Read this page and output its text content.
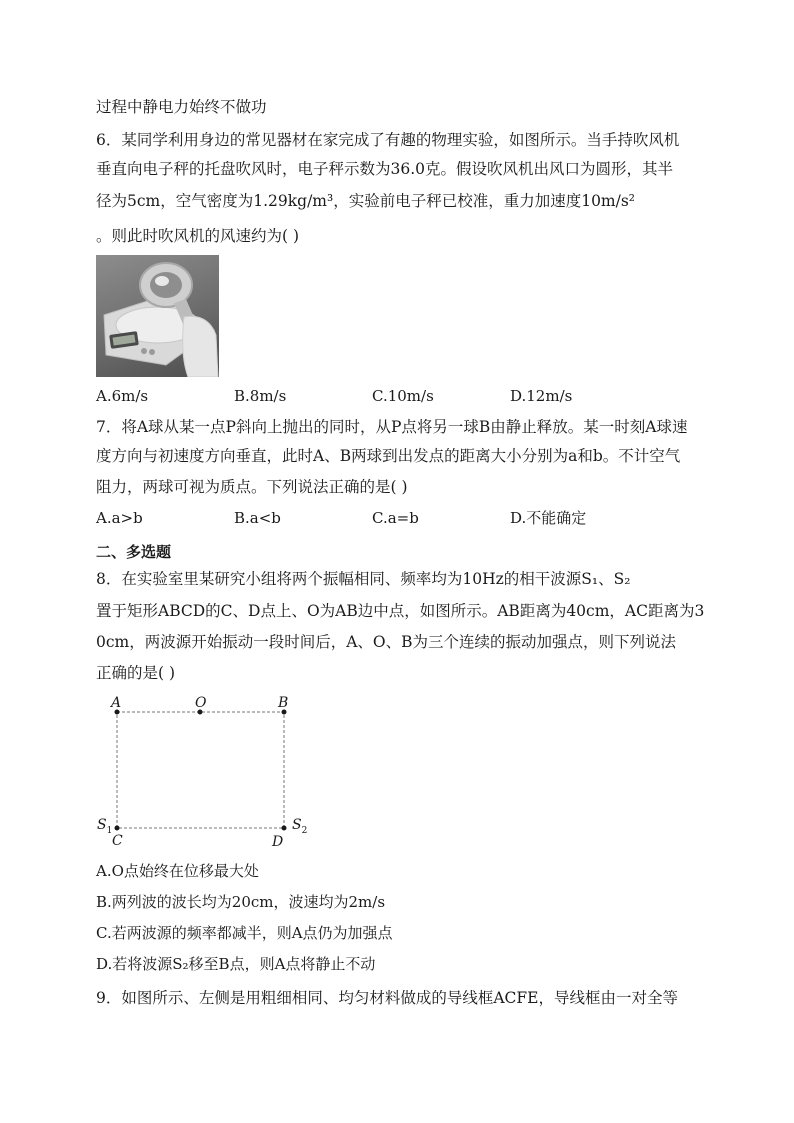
过程中静电力始终不做功
6．某同学利用身边的常见器材在家完成了有趣的物理实验，如图所示。当手持吹风机
垂直向电子秤的托盘吹风时，电子秤示数为36.0克。假设吹风机出风口为圆形，其半
径为5cm，空气密度为1.29kg/m³，实验前电子秤已校准，重力加速度10m/s²
。则此时吹风机的风速约为( )
A.6m/s	B.8m/s	C.10m/s	D.12m/s
7．将A球从某一点P斜向上抛出的同时，从P点将另一球B由静止释放。某一时刻A球速
度方向与初速度方向垂直，此时A、B两球到出发点的距离大小分别为a和b。不计空气
阻力，两球可视为质点。下列说法正确的是( )
A.a>b	B.a<b	C.a=b	D.不能确定
二、多选题
8．在实验室里某研究小组将两个振幅相同、频率均为10Hz的相干波源S₁、S₂
置于矩形ABCD的C、D点上、O为AB边中点，如图所示。AB距离为40cm，AC距离为3
0cm，两波源开始振动一段时间后，A、O、B为三个连续的振动加强点，则下列说法
正确的是( )
A	O	B
$S_1$	$S_2$
C	D
A.O点始终在位移最大处
B.两列波的波长均为20cm，波速均为2m/s
C.若两波源的频率都减半，则A点仍为加强点
D.若将波源S₂移至B点，则A点将静止不动
9．如图所示、左侧是用粗细相同、均匀材料做成的导线框ACFE，导线框由一对全等
